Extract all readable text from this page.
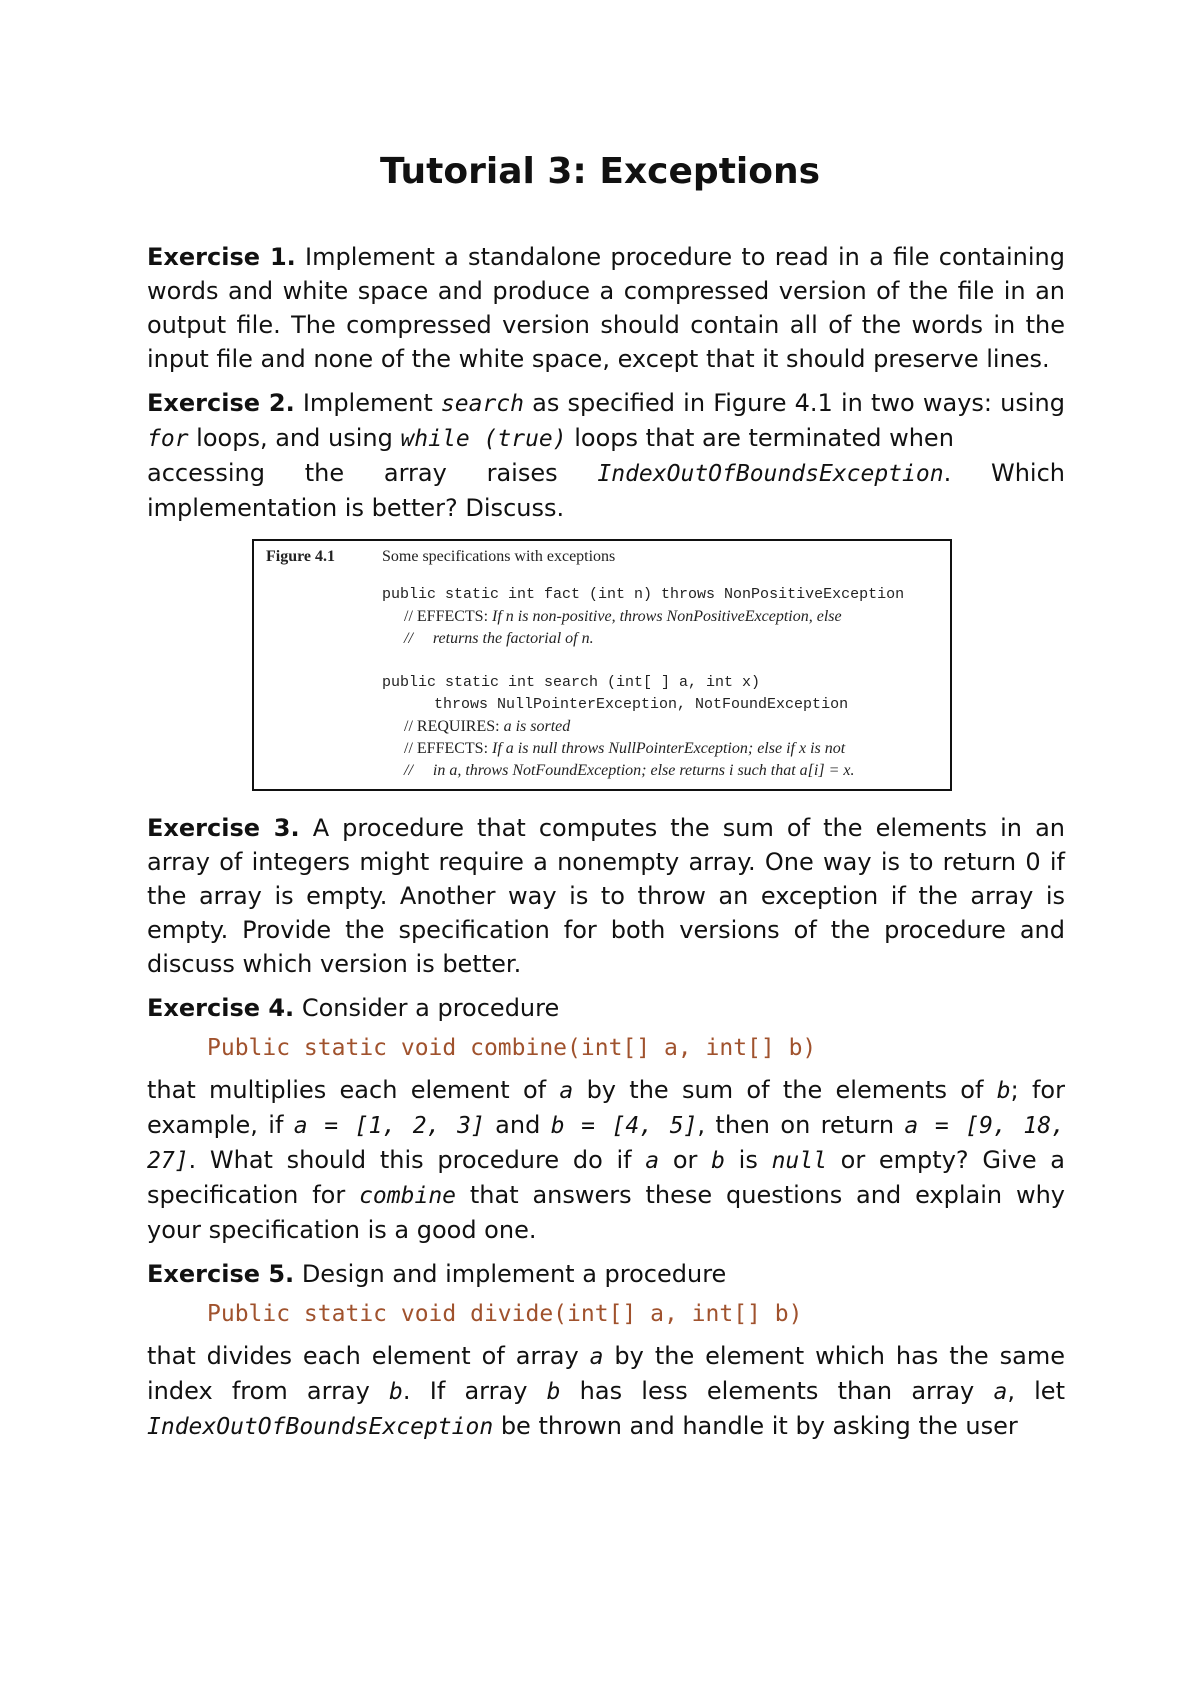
Tutorial 3: Exceptions

Exercise 1. Implement a standalone procedure to read in a file containing words and white space and produce a compressed version of the file in an output file. The compressed version should contain all of the words in the input file and none of the white space, except that it should preserve lines.

Exercise 2. Implement search as specified in Figure 4.1 in two ways: using for loops, and using while (true) loops that are terminated when

accessing the array raises IndexOutOfBoundsException. Which

implementation is better? Discuss.

Figure 4.1	Some specifications with exceptions
public static int fact (int n) throws NonPositiveException
// EFFECTS: If n is non-positive, throws NonPositiveException, else
//     returns the factorial of n.
public static int search (int[ ] a, int x)
throws NullPointerException, NotFoundException
// REQUIRES: a is sorted
// EFFECTS: If a is null throws NullPointerException; else if x is not
//     in a, throws NotFoundException; else returns i such that a[i] = x.

Exercise 3. A procedure that computes the sum of the elements in an array of integers might require a nonempty array. One way is to return 0 if the array is empty. Another way is to throw an exception if the array is empty. Provide the specification for both versions of the procedure and discuss which version is better.

Exercise 4. Consider a procedure

Public static void combine(int[] a, int[] b)

that multiplies each element of a by the sum of the elements of b; for example, if a = [1, 2, 3] and b = [4, 5], then on return a = [9, 18, 27]. What should this procedure do if a or b is null or empty? Give a specification for combine that answers these questions and explain why your specification is a good one.

Exercise 5. Design and implement a procedure

Public static void divide(int[] a, int[] b)

that divides each element of array a by the element which has the same index from array b. If array b has less elements than array a, let IndexOutOfBoundsException be thrown and handle it by asking the user
